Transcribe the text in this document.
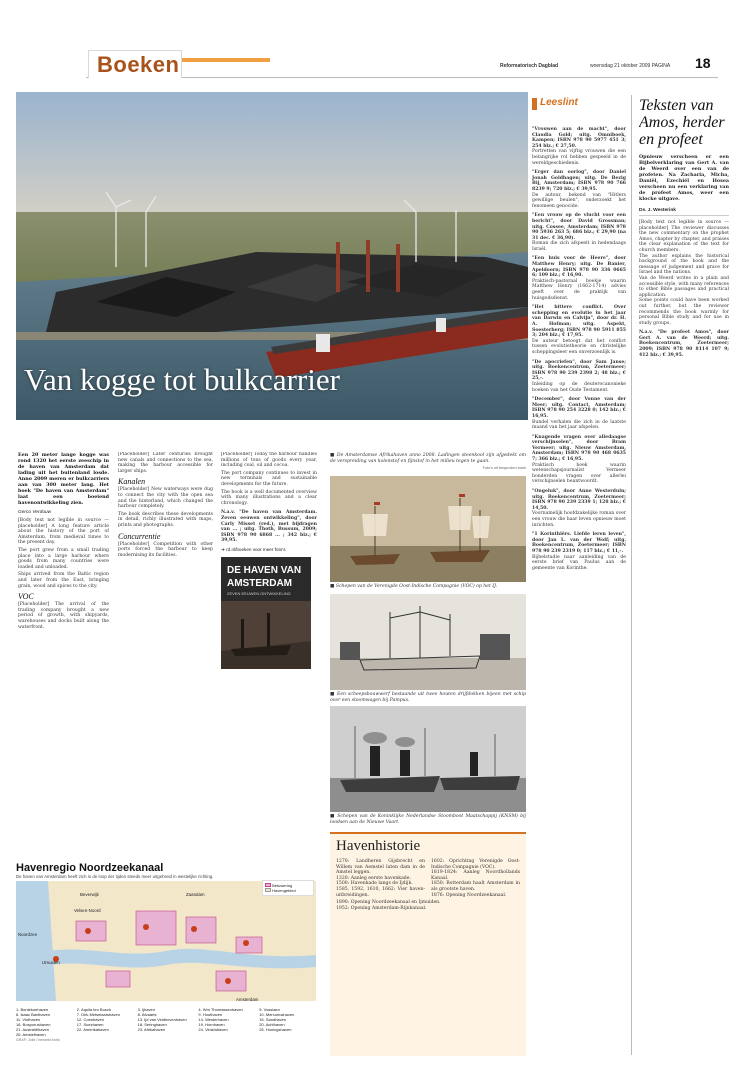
Boeken	Reformatorisch Dagblad	woensdag 21 oktober 2009 PAGINA 18
Van kogge tot bulkcarrier
Leeslint

"Vrouwen aan de macht", door Claudia Gold; uitg. Omniboek, Kampen; ISBN 978 90 5977 451 3; 254 blz.; € 27,50.

Portretten van vijftig vrouwen die een belangrijke rol hebben gespeeld in de wereldgeschiedenis.

"Erger dan oorlog", door Daniel Jonah Goldhagen; uitg. De Bezig Bij, Amsterdam; ISBN 978 90 766 8239 9; 720 blz.; € 39,95.

De auteur, bekend van "Hitlers gewillige beulen", onderzoekt het fenomeen genocide.

"Een vrouw op de vlucht voor een bericht", door David Grossman; uitg. Cossee, Amsterdam; ISBN 978 90 5936 263 5; 686 blz.; € 29,90 (na 31 dec. € 36,90).

Roman die zich afspeelt in hedendaags Israël.

"Een huis voor de Heere", door Matthew Henry; uitg. De Banier, Apeldoorn; ISBN 978 90 336 0665 6; 109 blz.; € 16,90.

Praktisch-pastoraal boekje waarin Matthew Henry (1662-1714) advies geeft over de praktijk van huisgodsdienst.

"Het bittere conflict. Over schepping en evolutie in het jaar van Darwin en Calvijn", door dr. H. A. Hofman; uitg. Aspekt, Soesterberg; ISBN 978 90 5911 855 3; 204 blz.; € 17,95.

De auteur betoogt dat het conflict tussen evolutietheorie en christelijke scheppingsleer een onverzoenlijk is.

"De apocriefen", door Sam Janse; uitg. Boekencentrum, Zoetermeer; ISBN 978 90 239 2398 2; 48 blz.; € 25,-.

Inleiding op de deuterocanonieke boeken van het Oude Testament.

"December", door Vonne van der Meer; uitg. Contact, Amsterdam; ISBN 978 90 254 3228 0; 142 blz.; € 16,95.

Bundel verhalen die zich in de laatste maand van het jaar afspelen.

"Knagende vragen over alledaagse verschijnselen", door Bram Vermeer; uitg. Nieuw Amsterdam, Amsterdam; ISBN 978 90 468 0635 7; 366 blz.; € 16,95.

Praktisch boek waarin wetenschapsjournalist Vermeer honderden vragen over allerlei verschijnselen beantwoordt.

"Ongeluk", door Anne Westerduin; uitg. Boekencentrum, Zoetermeer; ISBN 978 90 239 2339 1; 128 blz.; € 14,50.

Voornamelijk hoofdzakelijke roman over een vrouw die haar leven opnieuw moet inrichten.

"1 Korinthiërs. Liefde leren leven", door Jan L. van der Wolf; uitg. Boekencentrum, Zoetermeer; ISBN 978 90 239 2319 0; 117 blz.; € 11,-.

Bijbelstudie naar aanleiding van de eerste brief van Paulus aan de gemeente van Korinthe.

Teksten van Amos, herder en profeet

Opnieuw verscheen er een Bijbelverklaring van Gert A. van de Weerd over een van de profeten. Na Zacharia, Micha, Daniël, Ezechiël en Hosea verscheen nu een verklaring van de profeet Amos, weer een klocke uitgave.

Ds. J. Westerink

[Body text not legible in source — placeholder] The reviewer discusses the new commentary on the prophet Amos, chapter by chapter, and praises the clear explanation of the text for church members.

The author explains the historical background of the book and the message of judgement and grace for Israel and the nations.

Van de Weerd writes in a plain and accessible style, with many references to other Bible passages and practical application.

Some points could have been worked out further, but the reviewer recommends the book warmly for personal Bible study and for use in study groups.

N.a.v. "De profeet Amos", door Gert A. van de Weerd; uitg. Boekencentrum, Zoetermeer; 2009; ISBN 978 90 8114 107 9; 412 blz.; € 39,95.

Een 20 meter lange kogge was rond 1320 het eerste zeeschip in de haven van Amsterdam dat lading uit het buitenland losde. Anno 2009 meren er bulkcarriers aan van 300 meter lang. Het boek "De haven van Amsterdam" laat een boeiend havenontwikkeling zien.

Gerco Verdouw

[Body text not legible in source — placeholder] A long feature article about the history of the port of Amsterdam, from medieval times to the present day.

The port grew from a small trading place into a large harbour where goods from many countries were loaded and unloaded.

Ships arrived from the Baltic region and later from the East, bringing grain, wood and spices to the city.

VOC

[Placeholder] The arrival of the trading company brought a new period of growth, with shipyards, warehouses and docks built along the waterfront.

[Placeholder] Later centuries brought new canals and connections to the sea, making the harbour accessible for larger ships.

Kanalen

[Placeholder] New waterways were dug to connect the city with the open sea and the hinterland, which changed the harbour completely.

The book describes these developments in detail, richly illustrated with maps, prints and photographs.

Concurrentie

[Placeholder] Competition with other ports forced the harbour to keep modernising its facilities.

[Placeholder] Today the harbour handles millions of tons of goods every year, including coal, oil and cocoa.

The port company continues to invest in new terminals and sustainable developments for the future.

The book is a well documented overview with many illustrations and a clear chronology.

N.a.v. "De haven van Amsterdam. Zeven eeuwen ontwikkeling", door Carly Misset (red.), met bijdragen van ... ; uitg. Thoth, Bussum, 2009; ISBN 978 90 6868 ... ; 342 blz.; € 39,95.

➔ rd.nl/boeken voor meer foto's
DE HAVEN VAN
AMSTERDAM
ZEVEN EEUWEN ONTWIKKELING

■ De Amsterdamse Afrikahaven anno 2008. Ladingen steenkool zijn afgedekt om de verspreiding van kolenstof en fijnstof in het milieu tegen te gaan.

Foto's uit besproken boek

■ Schepen van de Verenigde Oost-Indische Compagnie (VOC) op het IJ.

■ Een scheepsbouwwerf bestaande uit twee houten drijfdokken bijeen met schip over een stoomwagen bij Pampus.

■ Schepen van de Koninklijke Nederlandse Stoomboot Maatschappij (KNSM) bij loodsen aan de Nieuwe Vaart.

Havenregio Noordzeekanaal
De haven van Amsterdam heeft zich in de loop der tijden steeds meer uitgebreid in westelijke richting.
IJmuiden
Velsen-Noord
Beverwijk	Zaandam
Amsterdam
Noordzee
Betuwering
Havengebied
1. Bontekoehaven	2. Aquila ten Bosch	3. Ijhaven	4. Wm Thomassenhaven	5. Vossiaen
6. Isaac Baxthaven	7. Dirk Metselaarshaven	8. Afvaarts	9. Houthaven	10. Mercuriushaven
11. Vlothaven	12. Coenhaven	13. Ijd van Veldhovenhaven	14. Westerhaven	15. Sandhaven
16. Bosporushaven	17. Suezhaven	18. Seringhaven	19. Hornhaven	20. Achthaven
21. Australiëhaven	22. Amerikahaven	23. Afrikahaven	24. Vinishdiaven	25. Huningshaven
26. Amstelhaven
GRAF: Jolie / bewerkt boek
Havenhistorie

1270: Landheren Gijsbrecht en Willem van Aemstel laten dam in de Amstel leggen.

1320: Aanleg eerste havenkade.

1500: Havenkade langs de Ijdijk.

1585, 1592, 1610, 1662: Vier haven-uitbreidingen.

1602: Oprichting Verenigde Oost-Indische Compagnie (VOC).

1819-1824: Aanleg Noordhollands Kanaal.

1850: Rotterdam haalt Amsterdam in als grootste haven.

1876: Opening Noordzeekanaal.

1890: Opening Noordzeekanaal en Ijmuiden.

1952: Opening Amsterdam-Rijnkanaal.
